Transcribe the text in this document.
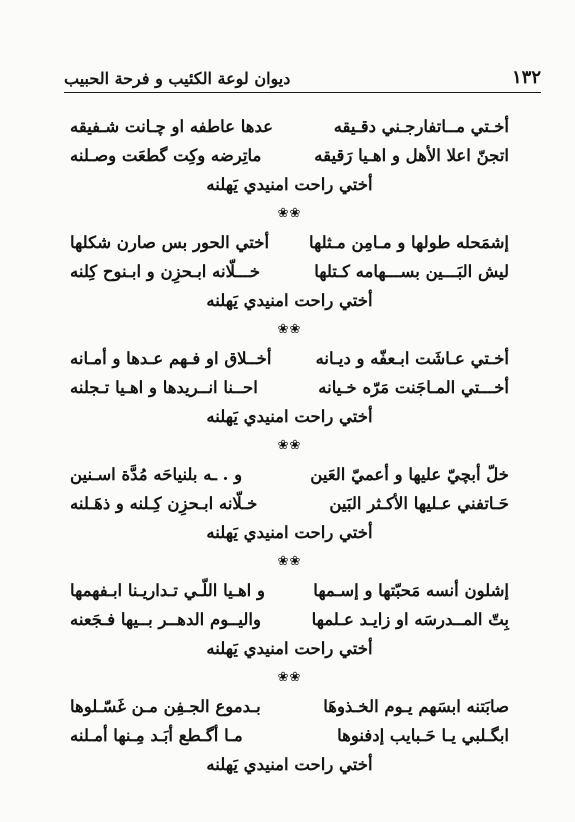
١٣٢
ديوان لوعة الكئيب و فرحة الحبيب
أخـتي مــاتفارجـني دقـيقه
عدها عاطفه او چـانت شـفيقه
اتجنّ اعلا الأهل و اهـيا رَقيقه
ماتِرضه وكِت گطعَت وصـلنه
أختي راحت امنيدي يَهلنه
❀❀
إشمَحله طولها و مـامِن مـثلها
أختي الحور بس صارن شكلها
ليش البَـــين بســـهامه كـتلها
خـــلّانه ابـحزِن و ابـنوح كِلنه
أختي راحت امنيدي يَهلنه
❀❀
أخـتي عـاشَت ابـعفّه و ديـانه
أخــلاق او فـهم عـدها و أمـانه
أخـــتي المـاجَنت مَرّه خـيانه
احــنا انــريدها و اهـيا تـجلنه
أختي راحت امنيدي يَهلنه
❀❀
خلّ أبچيّ عليها و أعميّ العَين
و . ـه بلنياحَه مُدَّة اسـنين
حَـاتفني عـليها الأكـثر البَين
خـلّانه ابـحزِن كِـلنه و ذهَـلنه
أختي راحت امنيدي يَهلنه
❀❀
إشلون أنسه مَحبّتها و إسـمها
و اهـيا اللّـي تـداريـنا ابـفهمها
بِتّ المــدرسَه او زايـد عـلمها
واليــوم الدهــر بــيها فـجَعنه
أختي راحت امنيدي يَهلنه
❀❀
صابَتنه ابسَهم يـوم الخـذوهَا
بـدموع الجـفِن مـن غَسّـلوها
ابگـلبي يـا حَـبايب إدفنوها
مـا أگـطع أبَـد مِـنها أمـلنه
أختي راحت امنيدي يَهلنه
